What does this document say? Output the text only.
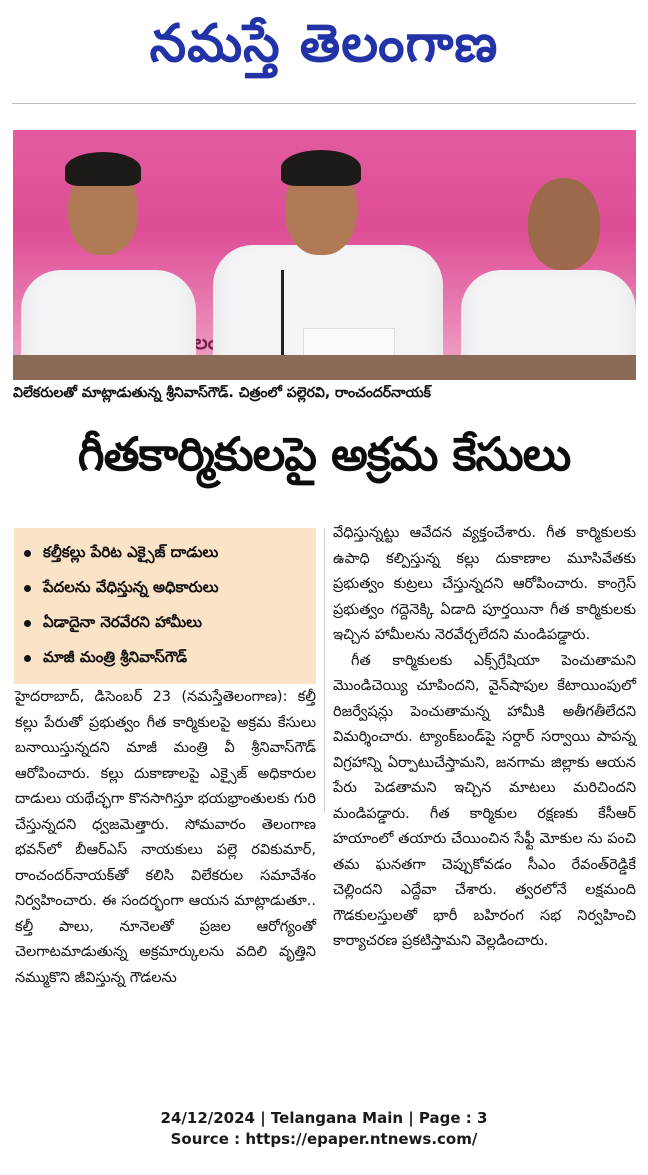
నమస్తే తెలంగాణ
విలేకరులతో మాట్లాడుతున్న శ్రీనివాస్‌గౌడ్. చిత్రంలో పల్లెరవి, రాంచందర్‌నాయక్
గీతకార్మికులపై అక్రమ కేసులు
కల్తీకల్లు పేరిట ఎక్సైజ్ దాడులు
పేదలను వేధిస్తున్న అధికారులు
ఏడాదైనా నెరవేరని హామీలు
మాజీ మంత్రి శ్రీనివాస్‌గౌడ్

హైదరాబాద్, డిసెంబర్ 23 (నమస్తేతెలంగాణ): కల్తీ కల్లు పేరుతో ప్రభుత్వం గీత కార్మికులపై అక్రమ కేసులు బనాయిస్తున్నదని మాజీ మంత్రి వీ శ్రీనివాస్‌గౌడ్ ఆరోపించారు. కల్లు దుకాణాలపై ఎక్సైజ్ అధికారుల దాడులు యథేచ్ఛగా కొనసాగిస్తూ భయభ్రాంతులకు గురి చేస్తున్నదని ధ్వజమెత్తారు. సోమవారం తెలంగాణ భవన్‌లో బీఆర్‌ఎస్ నాయకులు పల్లె రవికుమార్, రాంచందర్‌నాయక్‌తో కలిసి విలేకరుల సమావేశం నిర్వహించారు. ఈ సందర్భంగా ఆయన మాట్లాడుతూ.. కల్తీ పాలు, నూనెలతో ప్రజల ఆరోగ్యంతో చెలగాటమాడుతున్న అక్రమార్కులను వదిలి వృత్తిని నమ్ముకొని జీవిస్తున్న గౌడలను

వేధిస్తున్నట్టు ఆవేదన వ్యక్తంచేశారు. గీత కార్మికులకు ఉపాధి కల్పిస్తున్న కల్లు దుకాణాల మూసివేతకు ప్రభుత్వం కుట్రలు చేస్తున్నదని ఆరోపించారు. కాంగ్రెస్ ప్రభుత్వం గద్దెనెక్కి ఏడాది పూర్తయినా గీత కార్మికులకు ఇచ్చిన హామీలను నెరవేర్చలేదని మండిపడ్డారు.

గీత కార్మికులకు ఎక్స్‌గ్రేషియా పెంచుతామని మొండిచెయ్యి చూపిందని, వైన్‌షాపుల కేటాయింపులో రిజర్వేషన్లు పెంచుతామన్న హామీకి అతీగతీలేదని విమర్శించారు. ట్యాంక్‌బండ్‌పై సర్దార్ సర్వాయి పాపన్న విగ్రహాన్ని ఏర్పాటుచేస్తామని, జనగామ జిల్లాకు ఆయన పేరు పెడతామని ఇచ్చిన మాటలు మరిచిందని మండిపడ్డారు. గీత కార్మికుల రక్షణకు కేసీఆర్ హయాంలో తయారు చేయించిన సేఫ్టీ మోకుల ను పంచి తమ ఘనతగా చెప్పుకోవడం సీఎం రేవంత్‌రెడ్డికే చెల్లిందని ఎద్దేవా చేశారు. త్వరలోనే లక్షమంది గౌడకులస్తులతో భారీ బహిరంగ సభ నిర్వహించి కార్యాచరణ ప్రకటిస్తామని వెల్లడించారు.

24/12/2024 | Telangana Main | Page : 3
Source : https://epaper.ntnews.com/
